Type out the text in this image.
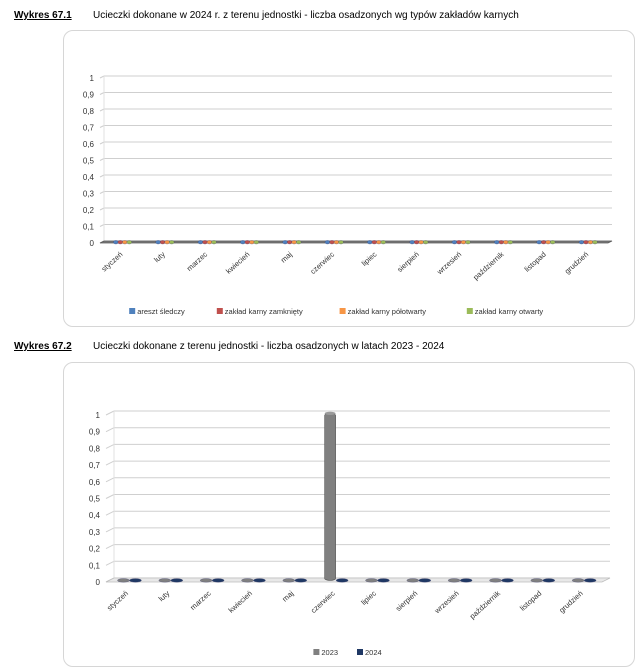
Wykres 67.1 Ucieczki dokonane w 2024 r. z terenu jednostki - liczba osadzonych wg typów zakładów karnych
0
0,1
0,2
0,3
0,4
0,5
0,6
0,7
0,8
0,9
1
styczeń	luty marzec kwiecień	maj czerwiec	lipiec sierpień wrzesień październik listopad grudzień
areszt śledczy	zakład karny zamknięty	zakład karny półotwarty	zakład karny otwarty
Wykres 67.2 Ucieczki dokonane z terenu jednostki - liczba osadzonych w latach 2023 - 2024
0
0,1
0,2
0,3
0,4
0,5
0,6
0,7
0,8
0,9
1
styczeń	luty marzec kwiecień	maj czerwiec	lipiec sierpień wrzesień październik listopad grudzień
2023	2024
